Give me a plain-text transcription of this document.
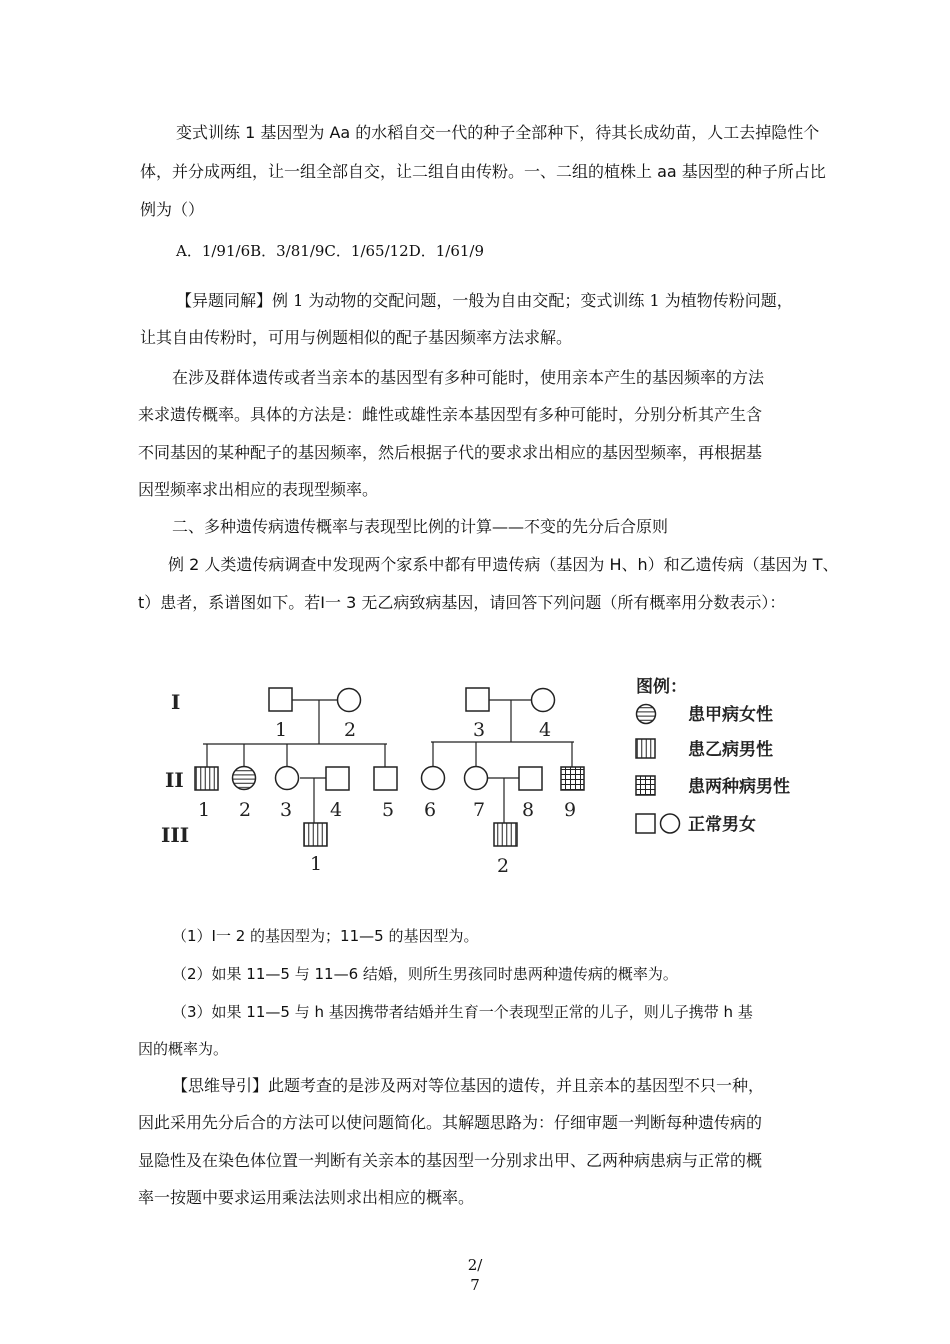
变式训练 1 基因型为 Aa 的水稻自交一代的种子全部种下，待其长成幼苗，人工去掉隐性个

体，并分成两组，让一组全部自交，让二组自由传粉。一、二组的植株上 aa 基因型的种子所占比

例为（）

A．1/91/6B．3/81/9C．1/65/12D．1/61/9

【异题同解】例 1 为动物的交配问题，一般为自由交配；变式训练 1 为植物传粉问题，

让其自由传粉时，可用与例题相似的配子基因频率方法求解。

在涉及群体遗传或者当亲本的基因型有多种可能时，使用亲本产生的基因频率的方法

来求遗传概率。具体的方法是：雌性或雄性亲本基因型有多种可能时，分别分析其产生含

不同基因的某种配子的基因频率，然后根据子代的要求求出相应的基因型频率，再根据基

因型频率求出相应的表现型频率。

二、多种遗传病遗传概率与表现型比例的计算——不变的先分后合原则

例 2 人类遗传病调查中发现两个家系中都有甲遗传病（基因为 H、h）和乙遗传病（基因为 T、

t）患者，系谱图如下。若Ⅰ一 3 无乙病致病基因，请回答下列问题（所有概率用分数表示）：

I
II
III
1	2	3	4
1 2 3 4 5 6 7 8 9
1	2
图例：
患甲病女性
患乙病男性
患两种病男性
正常男女

（1）Ⅰ一 2 的基因型为；11—5 的基因型为。

（2）如果 11—5 与 11—6 结婚，则所生男孩同时患两种遗传病的概率为。

（3）如果 11—5 与 h 基因携带者结婚并生育一个表现型正常的儿子，则儿子携带 h 基

因的概率为。

【思维导引】此题考查的是涉及两对等位基因的遗传，并且亲本的基因型不只一种，

因此采用先分后合的方法可以使问题简化。其解题思路为：仔细审题一判断每种遗传病的

显隐性及在染色体位置一判断有关亲本的基因型一分别求出甲、乙两种病患病与正常的概

率一按题中要求运用乘法法则求出相应的概率。

2/
7
